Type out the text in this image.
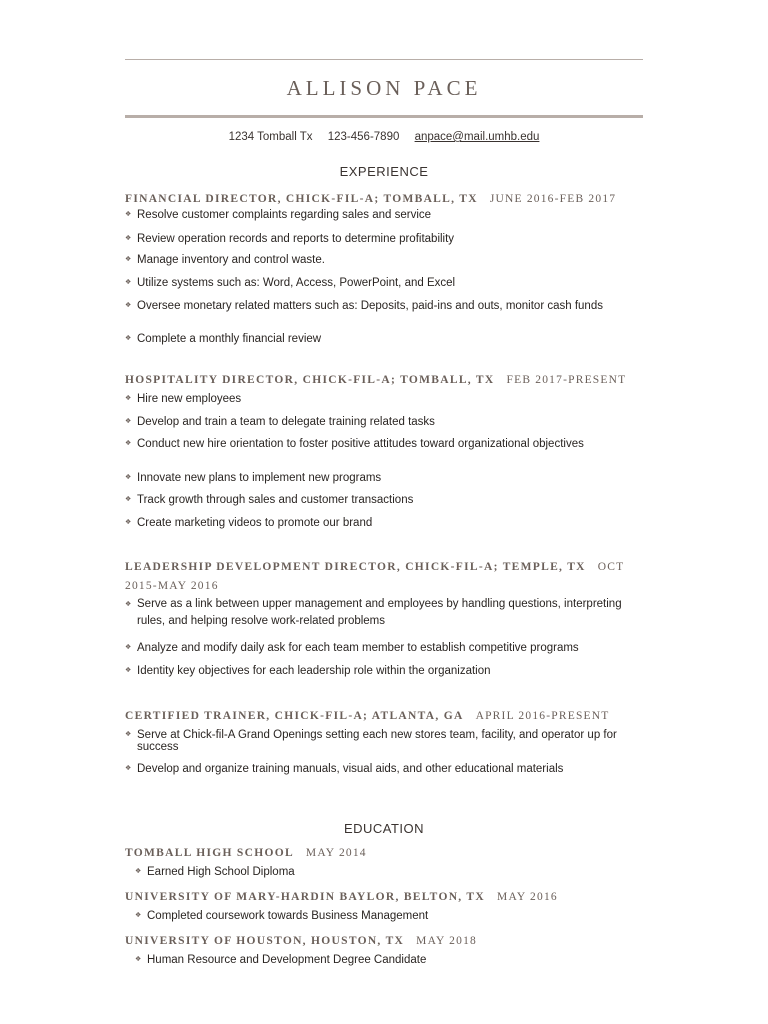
ALLISON PACE
1234 Tomball Tx 123-456-7890 anpace@mail.umhb.edu
EXPERIENCE
FINANCIAL DIRECTOR, CHICK-FIL-A; TOMBALL, TX JUNE 2016-FEB 2017
❖ Resolve customer complaints regarding sales and service
❖ Review operation records and reports to determine profitability
❖ Manage inventory and control waste.
❖ Utilize systems such as: Word, Access, PowerPoint, and Excel
❖ Oversee monetary related matters such as: Deposits, paid-ins and outs, monitor cash funds
❖ Complete a monthly financial review
HOSPITALITY DIRECTOR, CHICK-FIL-A; TOMBALL, TX FEB 2017-PRESENT
❖ Hire new employees
❖ Develop and train a team to delegate training related tasks
❖ Conduct new hire orientation to foster positive attitudes toward organizational objectives
❖ Innovate new plans to implement new programs
❖ Track growth through sales and customer transactions
❖ Create marketing videos to promote our brand
LEADERSHIP DEVELOPMENT DIRECTOR, CHICK-FIL-A; TEMPLE, TX OCT
2015-MAY 2016
❖ Serve as a link between upper management and employees by handling questions, interpreting rules, and helping resolve work-related problems
❖ Analyze and modify daily ask for each team member to establish competitive programs
❖ Identity key objectives for each leadership role within the organization
CERTIFIED TRAINER, CHICK-FIL-A; ATLANTA, GA APRIL 2016-PRESENT
❖ Serve at Chick-fil-A Grand Openings setting each new stores team, facility, and operator up for success
❖ Develop and organize training manuals, visual aids, and other educational materials
EDUCATION
TOMBALL HIGH SCHOOL MAY 2014
❖ Earned High School Diploma
UNIVERSITY OF MARY-HARDIN BAYLOR, BELTON, TX MAY 2016
❖ Completed coursework towards Business Management
UNIVERSITY OF HOUSTON, HOUSTON, TX MAY 2018
❖ Human Resource and Development Degree Candidate
